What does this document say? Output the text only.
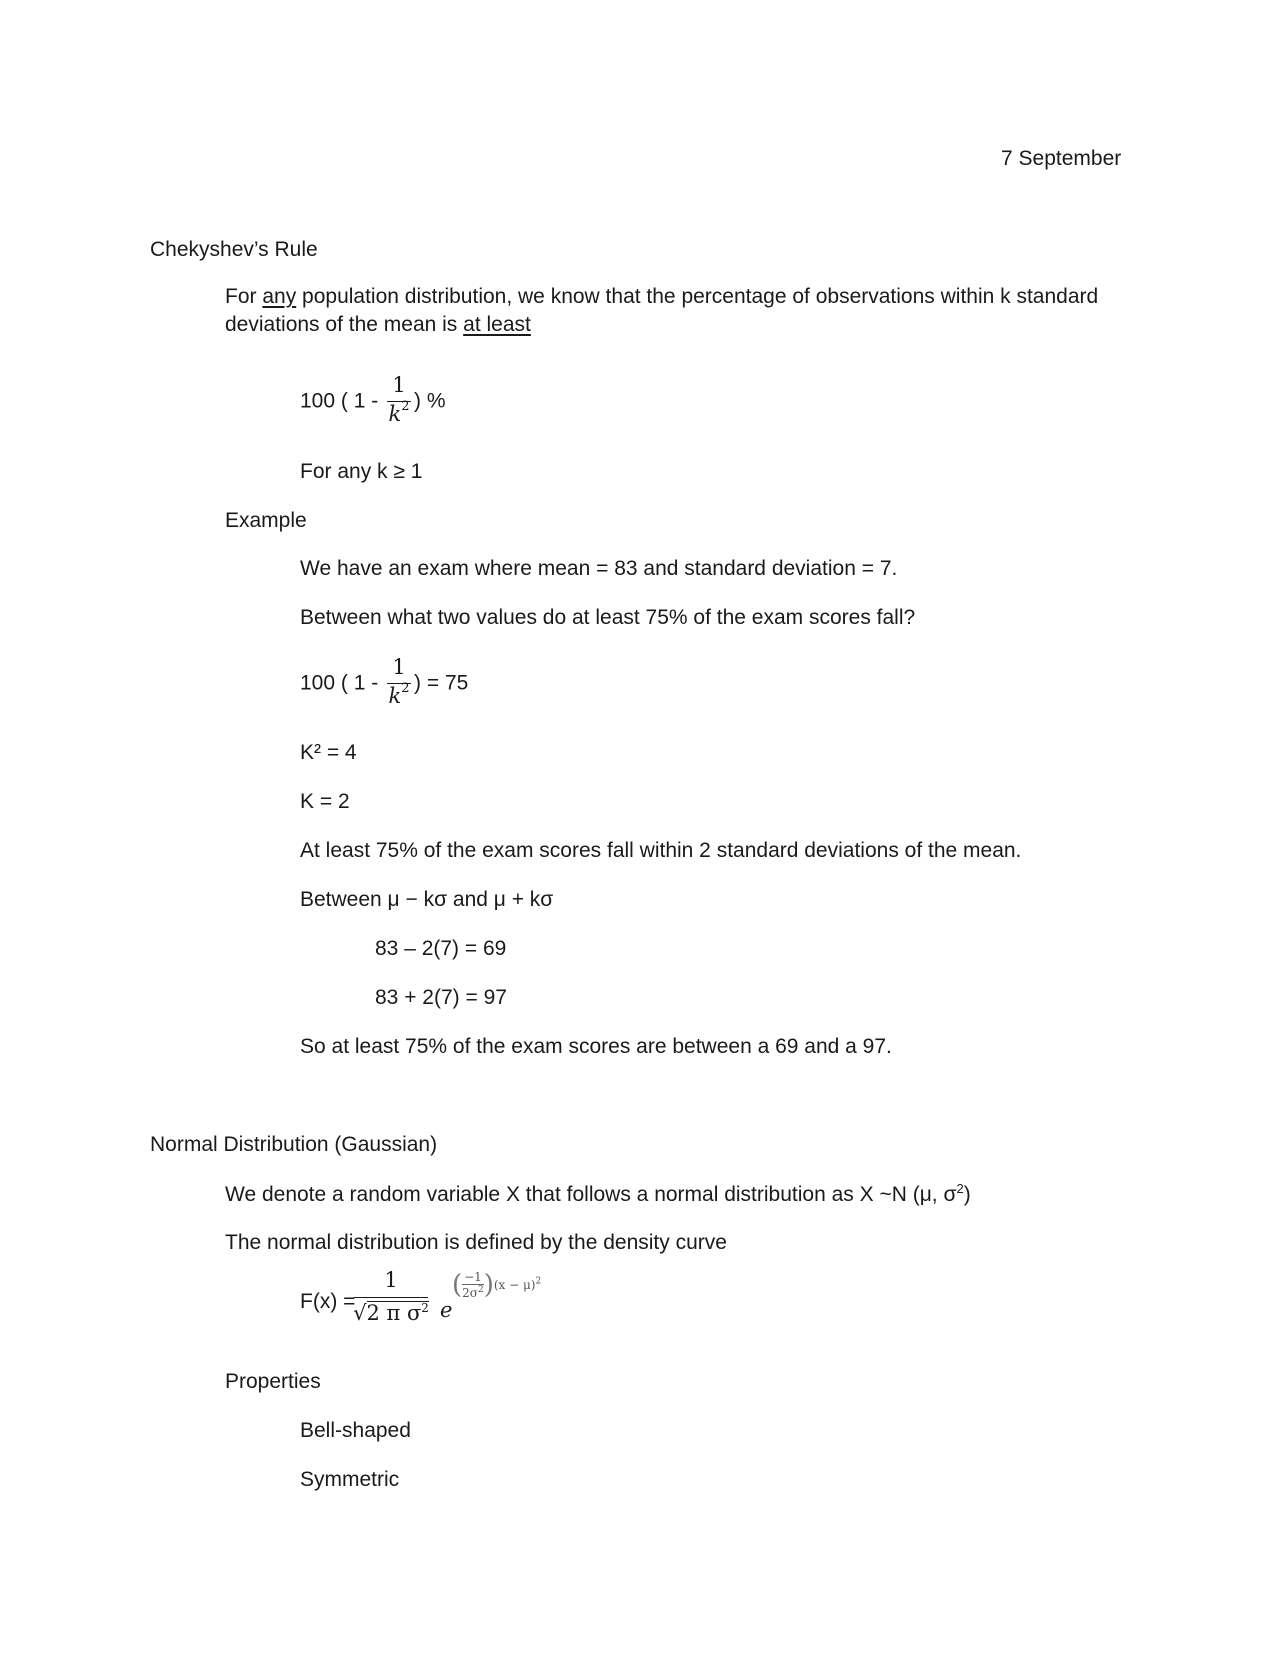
7 September
Chekyshev’s Rule
For any population distribution, we know that the percentage of observations within k standard
deviations of the mean is at least
100 ( $1 - \frac{1}{k^2}$ ) %
For any k ≥ 1
Example
We have an exam where mean = 83 and standard deviation = 7.
Between what two values do at least 75% of the exam scores fall?
100 ( $1 - \frac{1}{k^2}$ ) = 75
K² = 4
K = 2
At least 75% of the exam scores fall within 2 standard deviations of the mean.
Between μ − kσ and μ + kσ
83 – 2(7) = 69
83 + 2(7) = 97
So at least 75% of the exam scores are between a 69 and a 97.
Normal Distribution (Gaussian)
We denote a random variable X that follows a normal distribution as X ~N (μ, $\sigma^2$)
The normal distribution is defined by the density curve
F(x) =
1
√2 π $\sigma^2$ e
( $\frac{-1}{2\sigma^2} )(x - \mu)^2$
Properties
Bell-shaped
Symmetric
